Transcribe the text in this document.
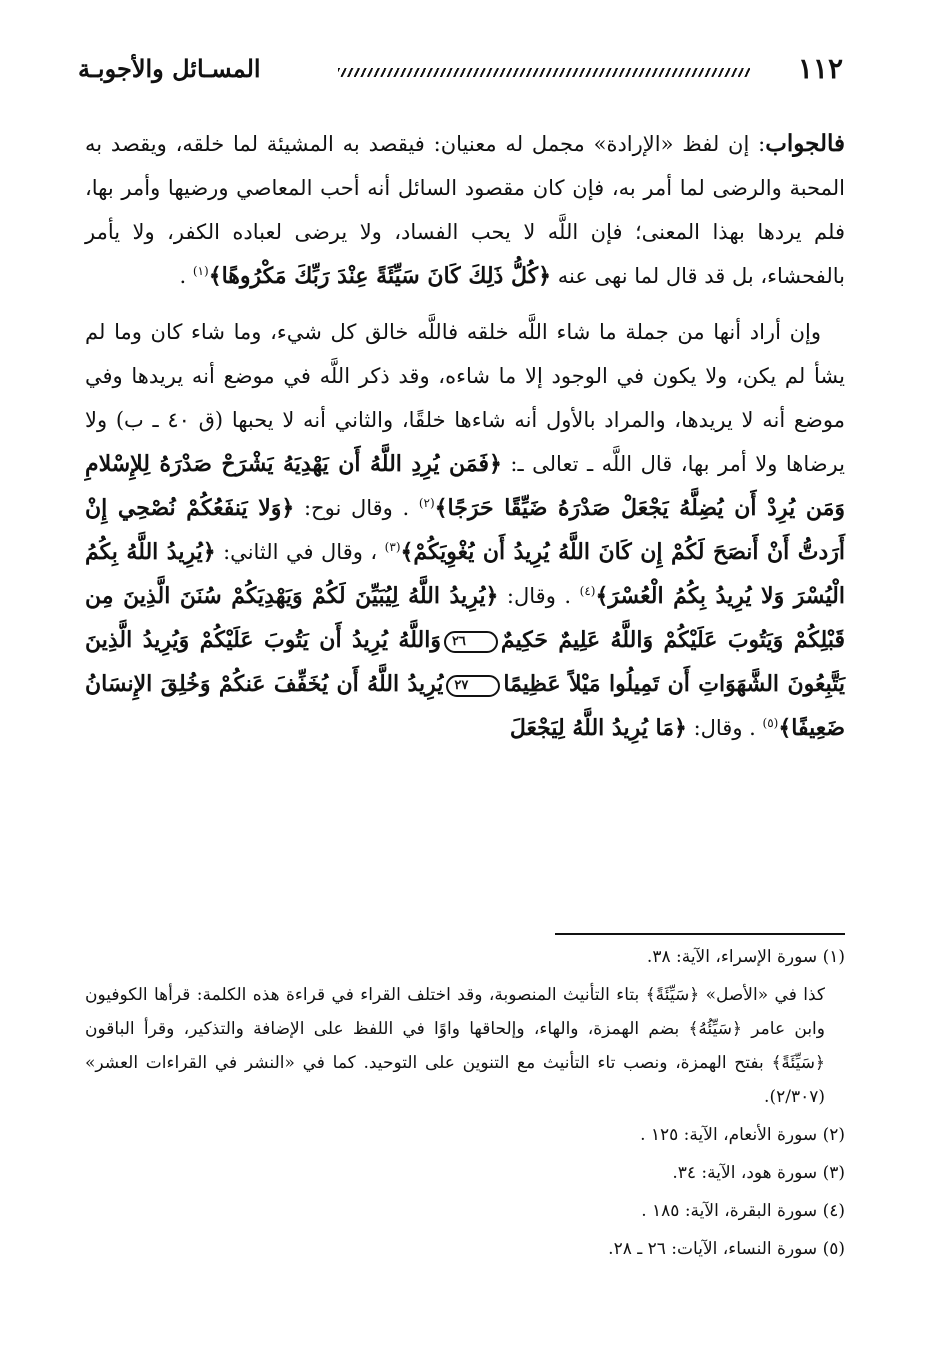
١١٢
المسـائل والأجوبـة

فالجواب: إن لفظ «الإرادة» مجمل له معنيان: فيقصد به المشيئة لما خلقه، ويقصد به المحبة والرضى لما أمر به، فإن كان مقصود السائل أنه أحب المعاصي ورضيها وأمر بها، فلم يردها بهذا المعنى؛ فإن اللَّه لا يحب الفساد، ولا يرضى لعباده الكفر، ولا يأمر بالفحشاء، بل قد قال لما نهى عنه ﴿كُلُّ ذَلِكَ كَانَ سَيِّئَةً عِنْدَ رَبِّكَ مَكْرُوهًا﴾$^{(١)}$ .

وإن أراد أنها من جملة ما شاء اللَّه خلقه فاللَّه خالق كل شيء، وما شاء كان وما لم يشأ لم يكن، ولا يكون في الوجود إلا ما شاءه، وقد ذكر اللَّه في موضع أنه يريدها وفي موضع أنه لا يريدها، والمراد بالأول أنه شاءها خلقًا، والثاني أنه لا يحبها (ق ٤٠ ـ ب) ولا يرضاها ولا أمر بها، قال اللَّه ـ تعالى ـ: ﴿فَمَن يُرِدِ اللَّهُ أَن يَهْدِيَهُ يَشْرَحْ صَدْرَهُ لِلإِسْلامِ وَمَن يُرِدْ أَن يُضِلَّهُ يَجْعَلْ صَدْرَهُ ضَيِّقًا حَرَجًا﴾$^{(٢)}$ . وقال نوح: ﴿وَلا يَنفَعُكُمْ نُصْحِي إِنْ أَرَدتُّ أَنْ أَنصَحَ لَكُمْ إِن كَانَ اللَّهُ يُرِيدُ أَن يُغْوِيَكُمْ﴾$^{(٣)}$ ، وقال في الثاني: ﴿يُرِيدُ اللَّهُ بِكُمُ الْيُسْرَ وَلا يُرِيدُ بِكُمُ الْعُسْرَ﴾$^{(٤)}$ . وقال: ﴿يُرِيدُ اللَّهُ لِيُبَيِّنَ لَكُمْ وَيَهْدِيَكُمْ سُنَنَ الَّذِينَ مِن قَبْلِكُمْ وَيَتُوبَ عَلَيْكُمْ وَاللَّهُ عَلِيمٌ حَكِيمٌ٢٦وَاللَّهُ يُرِيدُ أَن يَتُوبَ عَلَيْكُمْ وَيُرِيدُ الَّذِينَ يَتَّبِعُونَ الشَّهَوَاتِ أَن تَمِيلُوا مَيْلاً عَظِيمًا٢٧يُرِيدُ اللَّهُ أَن يُخَفِّفَ عَنكُمْ وَخُلِقَ الإِنسَانُ ضَعِيفًا﴾$^{(٥)}$ . وقال: ﴿مَا يُرِيدُ اللَّهُ لِيَجْعَلَ

(١) سورة الإسراء، الآية: ٣٨.
كذا في «الأصل» ﴿سَيِّئَةً﴾ بتاء التأنيث المنصوبة، وقد اختلف القراء في قراءة هذه الكلمة: قرأها الكوفيون وابن عامر ﴿سَيِّئُهُ﴾ بضم الهمزة، والهاء، وإلحاقها واوًا في اللفظ على الإضافة والتذكير، وقرأ الباقون ﴿سَيِّئَةً﴾ بفتح الهمزة، ونصب تاء التأنيث مع التنوين على التوحيد. كما في «النشر في القراءات العشر» (٢/٣٠٧).
(٢) سورة الأنعام، الآية: ١٢٥ .
(٣) سورة هود، الآية: ٣٤.
(٤) سورة البقرة، الآية: ١٨٥ .
(٥) سورة النساء، الآيات: ٢٦ ـ ٢٨.
